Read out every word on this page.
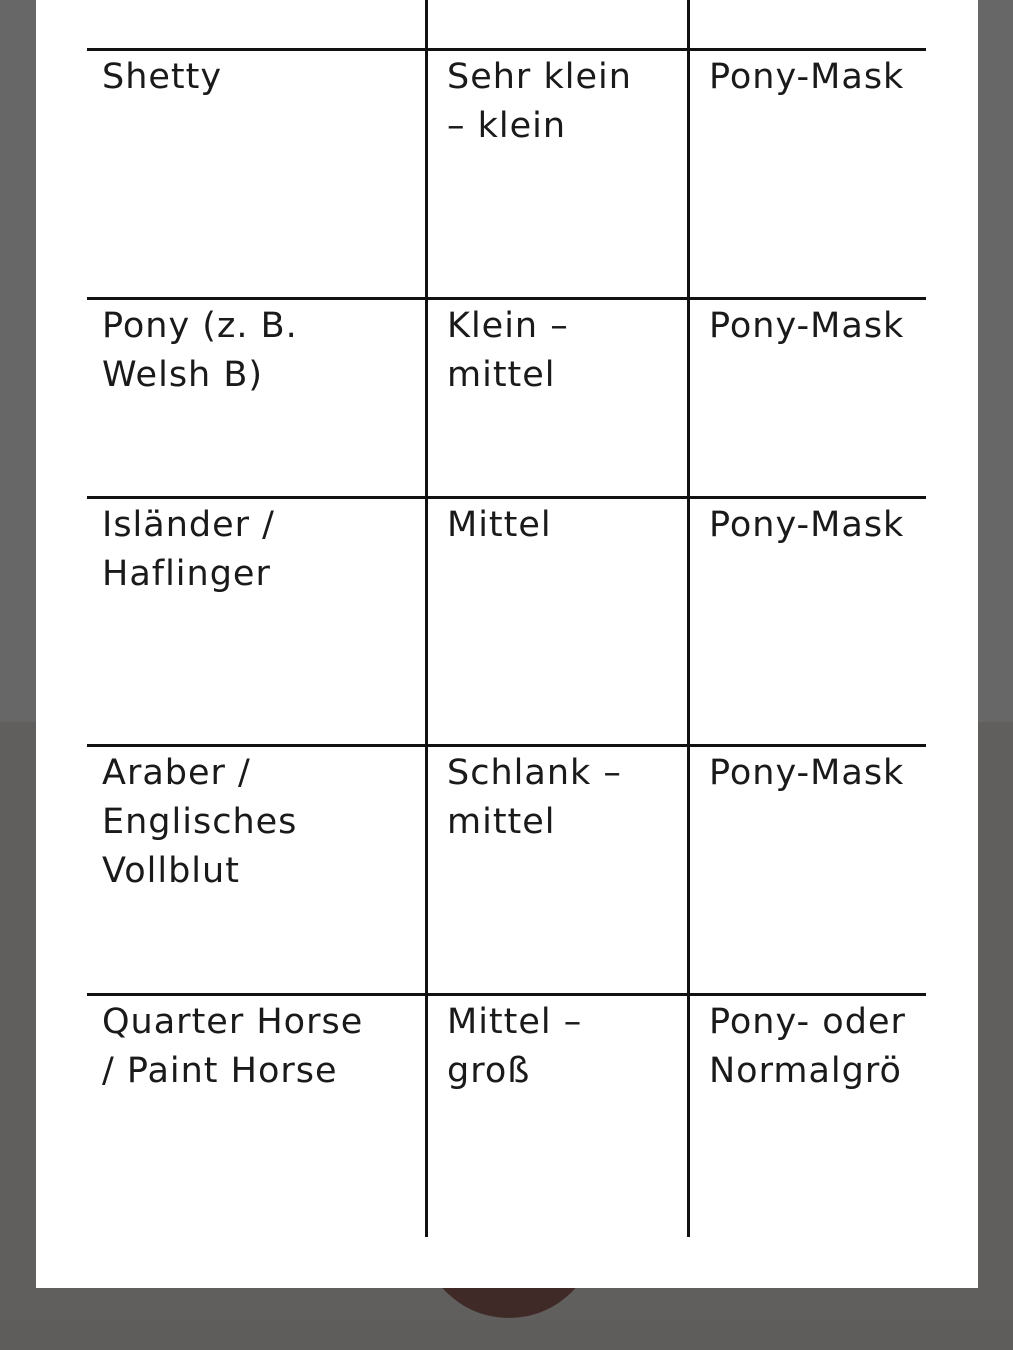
Shetty	Sehr klein
– klein
Pony-Mask
Pony (z. B.
Welsh B)
Klein –
mittel
Pony-Mask
Isländer /
Haflinger
Mittel	Pony-Mask
Araber /
Englisches
Vollblut
Schlank –
mittel
Pony-Mask
Quarter Horse
/ Paint Horse
Mittel –
groß
Pony- oder
Normalgrö
